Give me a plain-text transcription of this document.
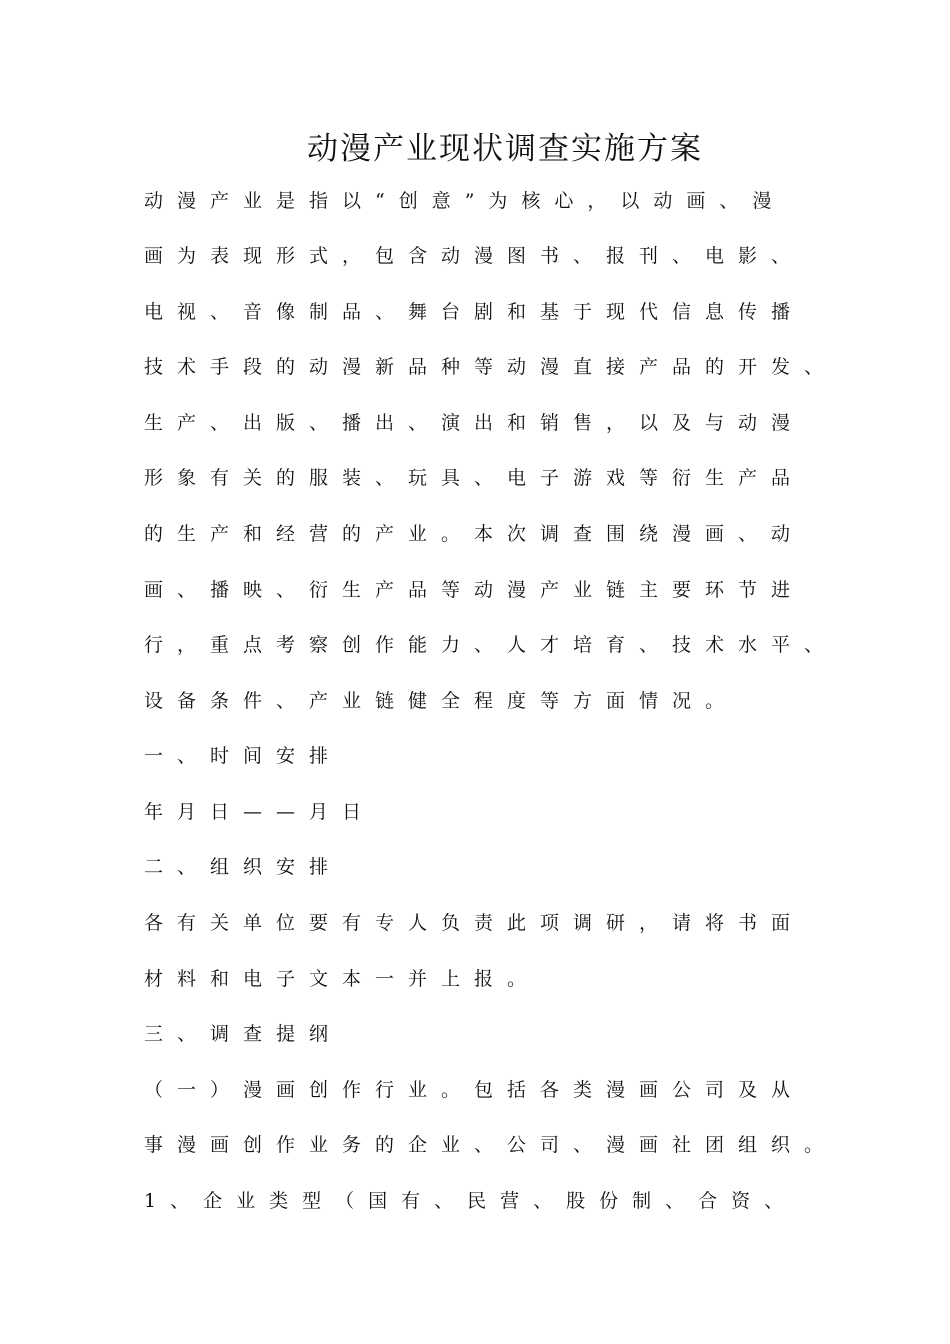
动漫产业现状调查实施方案

动漫产业是指以“创意”为核心，以动画、漫

画为表现形式，包含动漫图书、报刊、电影、

电视、音像制品、舞台剧和基于现代信息传播

技术手段的动漫新品种等动漫直接产品的开发、

生产、出版、播出、演出和销售，以及与动漫

形象有关的服装、玩具、电子游戏等衍生产品

的生产和经营的产业。本次调查围绕漫画、动

画、播映、衍生产品等动漫产业链主要环节进

行，重点考察创作能力、人才培育、技术水平、

设备条件、产业链健全程度等方面情况。

一、时间安排

年月日——月日

二、组织安排

各有关单位要有专人负责此项调研，请将书面

材料和电子文本一并上报。

三、调查提纲

（一）漫画创作行业。包括各类漫画公司及从

事漫画创作业务的企业、公司、漫画社团组织。

1、企业类型（国有、民营、股份制、合资、
